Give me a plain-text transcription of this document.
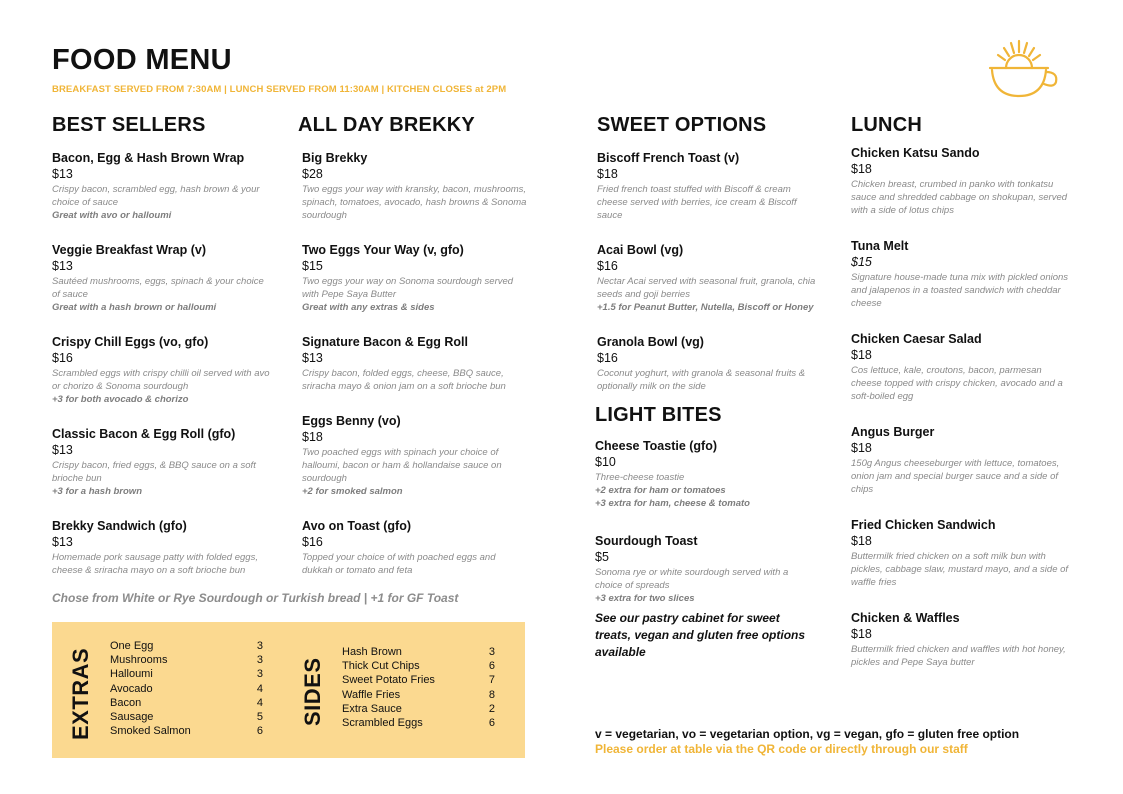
FOOD MENU
BREAKFAST SERVED FROM 7:30AM | LUNCH SERVED FROM 11:30AM | KITCHEN CLOSES at 2PM
BEST SELLERS
Bacon, Egg & Hash Brown Wrap
$13
Crispy bacon, scrambled egg, hash brown & your choice of sauce
Great with avo or halloumi
Veggie Breakfast Wrap (v)
$13
Sautéed mushrooms, eggs, spinach & your choice of sauce
Great with a hash brown or halloumi
Crispy Chill Eggs (vo, gfo)
$16
Scrambled eggs with crispy chilli oil served with avo or chorizo & Sonoma sourdough
+3 for both avocado & chorizo
Classic Bacon & Egg Roll (gfo)
$13
Crispy bacon, fried eggs, & BBQ sauce on a soft brioche bun
+3 for a hash brown
Brekky Sandwich (gfo)
$13
Homemade pork sausage patty with folded eggs, cheese & sriracha mayo on a soft brioche bun
ALL DAY BREKKY
Big Brekky
$28
Two eggs your way with kransky, bacon, mushrooms, spinach, tomatoes, avocado, hash browns & Sonoma sourdough
Two Eggs Your Way (v, gfo)
$15
Two eggs your way on Sonoma sourdough served with Pepe Saya Butter
Great with any extras & sides
Signature Bacon & Egg Roll
$13
Crispy bacon, folded eggs, cheese, BBQ sauce, sriracha mayo & onion jam on a soft brioche bun
Eggs Benny (vo)
$18
Two poached eggs with spinach your choice of halloumi, bacon or ham & hollandaise sauce on sourdough
+2 for smoked salmon
Avo on Toast (gfo)
$16
Topped your choice of with poached eggs and dukkah or tomato and feta
SWEET OPTIONS
Biscoff French Toast (v)
$18
Fried french toast stuffed with Biscoff & cream cheese served with berries, ice cream & Biscoff sauce
Acai Bowl (vg)
$16
Nectar Acai served with seasonal fruit, granola, chia seeds and goji berries
+1.5 for Peanut Butter, Nutella, Biscoff or Honey
Granola Bowl (vg)
$16
Coconut yoghurt, with granola & seasonal fruits & optionally milk on the side
LIGHT BITES
Cheese Toastie (gfo)
$10
Three-cheese toastie
+2 extra for ham or tomatoes
+3 extra for ham, cheese & tomato
Sourdough Toast
$5
Sonoma rye or white sourdough served with a choice of spreads
+3 extra for two slices
LUNCH
Chicken Katsu Sando
$18
Chicken breast, crumbed in panko with tonkatsu sauce and shredded cabbage on shokupan, served with a side of lotus chips
Tuna Melt
$15
Signature house-made tuna mix with pickled onions and jalapenos in a toasted sandwich with cheddar cheese
Chicken Caesar Salad
$18
Cos lettuce, kale, croutons, bacon, parmesan cheese topped with crispy chicken, avocado and a soft-boiled egg
Angus Burger
$18
150g Angus cheeseburger with lettuce, tomatoes, onion jam and special burger sauce and a side of chips
Fried Chicken Sandwich
$18
Buttermilk fried chicken on a soft milk bun with pickles, cabbage slaw, mustard mayo, and a side of waffle fries
Chicken & Waffles
$18
Buttermilk fried chicken and waffles with hot honey, pickles and Pepe Saya butter
Chose from White or Rye Sourdough or Turkish bread | +1 for GF Toast
EXTRAS
One Egg	3
Mushrooms	3
Halloumi	3
Avocado	4
Bacon	4
Sausage	5
Smoked Salmon	6
SIDES
Hash Brown	3
Thick Cut Chips	6
Sweet Potato Fries	7
Waffle Fries	8
Extra Sauce	2
Scrambled Eggs	6
See our pastry cabinet for sweet treats, vegan and gluten free options available
v = vegetarian, vo = vegetarian option, vg = vegan, gfo = gluten free option
Please order at table via the QR code or directly through our staff
